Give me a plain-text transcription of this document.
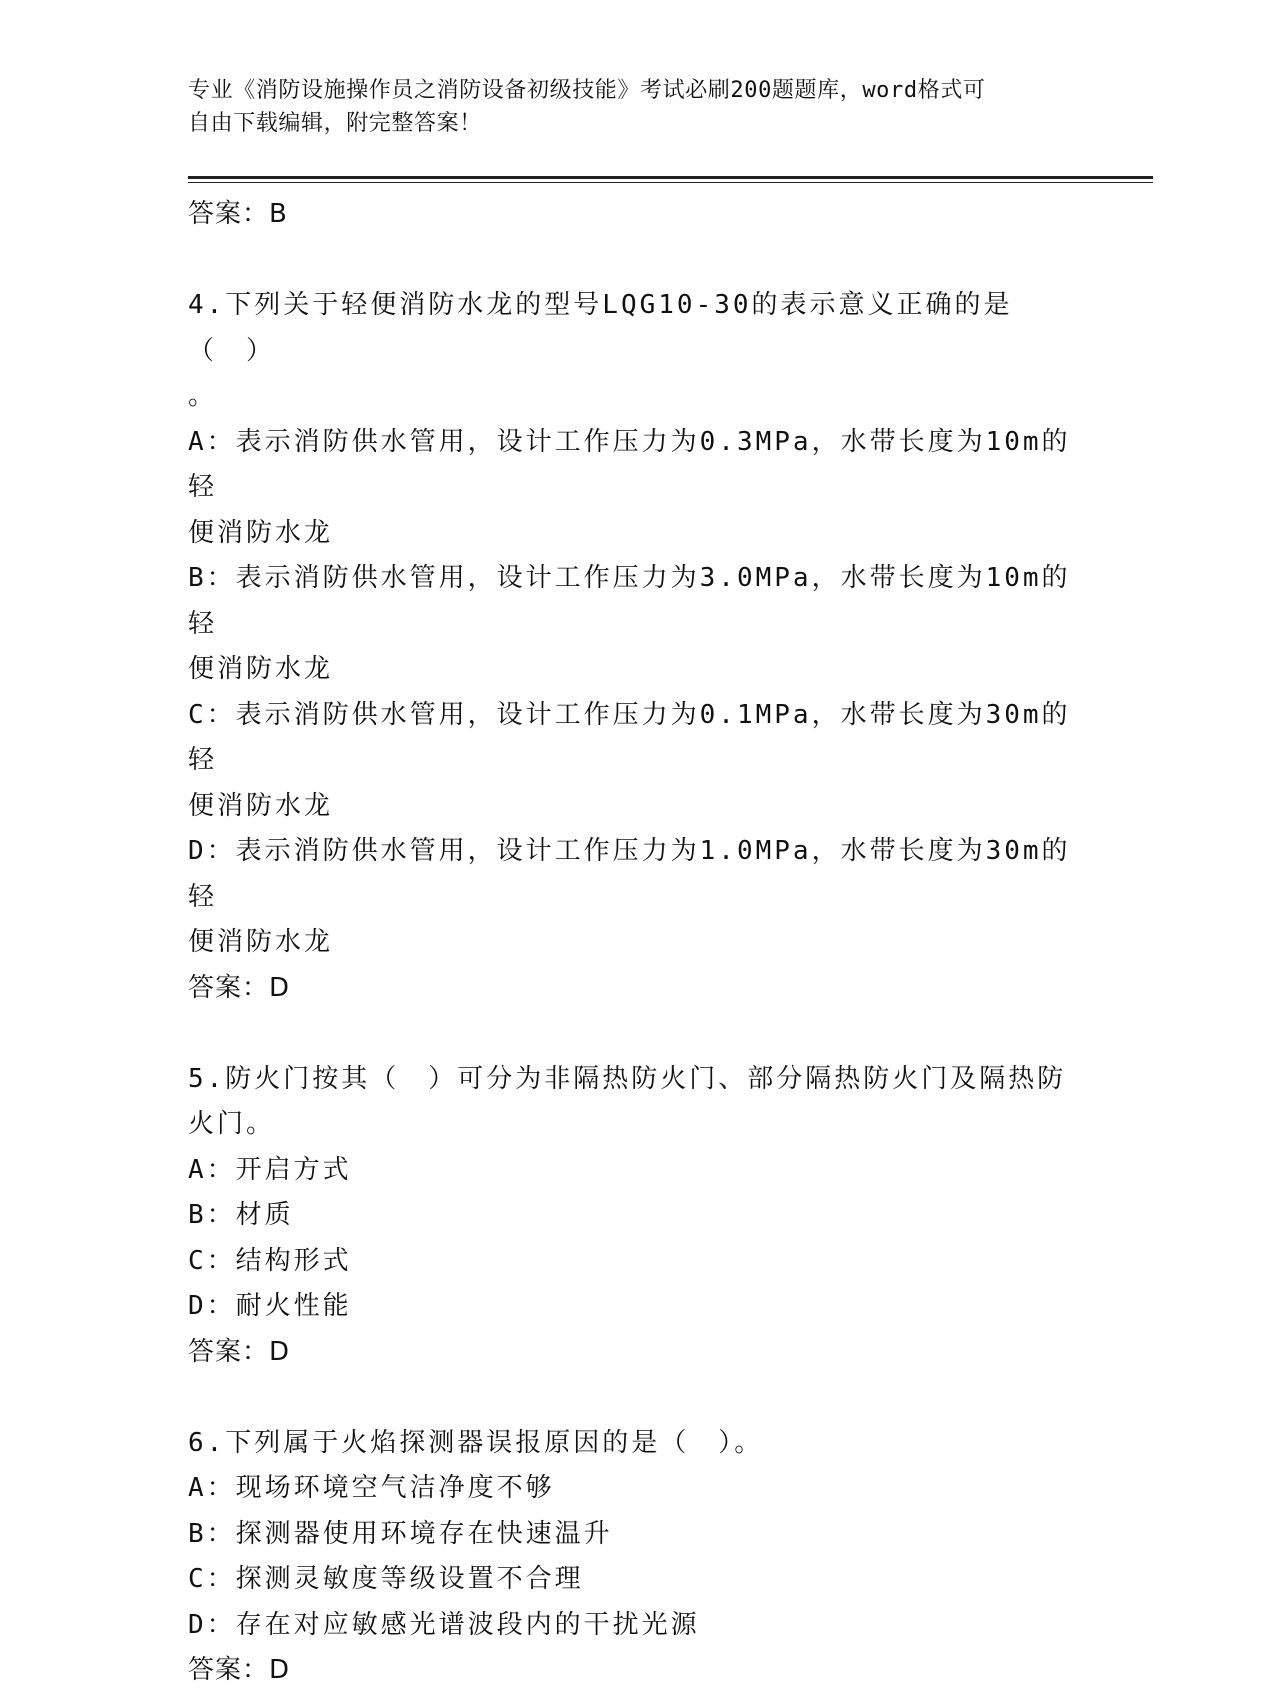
专业《消防设施操作员之消防设备初级技能》考试必刷200题题库，word格式可
自由下载编辑，附完整答案！
答案：B
4.下列关于轻便消防水龙的型号LQG10-30的表示意义正确的是（　）
。
A：表示消防供水管用，设计工作压力为0.3MPa，水带长度为10m的轻
便消防水龙
B：表示消防供水管用，设计工作压力为3.0MPa，水带长度为10m的轻
便消防水龙
C：表示消防供水管用，设计工作压力为0.1MPa，水带长度为30m的轻
便消防水龙
D：表示消防供水管用，设计工作压力为1.0MPa，水带长度为30m的轻
便消防水龙
答案：D
5.防火门按其（　）可分为非隔热防火门、部分隔热防火门及隔热防
火门。
A：开启方式
B：材质
C：结构形式
D：耐火性能
答案：D
6.下列属于火焰探测器误报原因的是（　）。
A：现场环境空气洁净度不够
B：探测器使用环境存在快速温升
C：探测灵敏度等级设置不合理
D：存在对应敏感光谱波段内的干扰光源
答案：D
